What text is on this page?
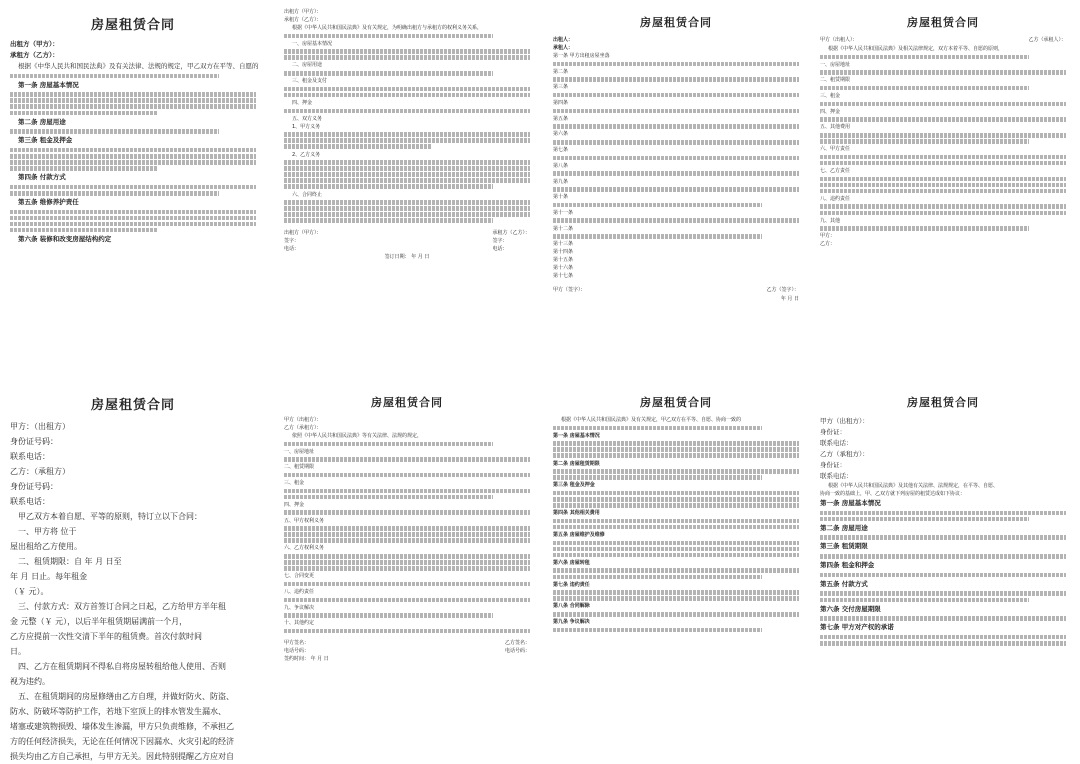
房屋租赁合同
出租方（甲方）：
承租方（乙方）：
根据《中华人民共和国民法典》及有关法律、法规的规定，甲乙双方在平等、自愿的
第一条 房屋基本情况
第二条 房屋用途
第三条 租金及押金
第四条 付款方式
第五条 维修养护责任
第六条 装修和改变房屋结构约定
出租方（甲方）：
承租方（乙方）：
根据《中华人民共和国民法典》及有关规定，为明确出租方与承租方的权利义务关系，
一、房屋基本情况
二、房屋用途
三、租金及支付
四、押金
五、双方义务
1、甲方义务
2、乙方义务
六、合同终止
出租方（甲方）：
签字：
电话：
承租方（乙方）：
签字：
电话：
签订日期： 年 月 日
房屋租赁合同
出租人：
承租人：
第一条 甲方出租房屋坐落
第二条
第三条
第四条
第五条
第六条
第七条
第八条
第九条
第十条
第十一条
第十二条
第十三条
第十四条
第十五条
第十六条
第十七条
甲方（签字）：	乙方（签字）：
年 月 日
房屋租赁合同
甲方（出租人）：	乙方（承租人）：
根据《中华人民共和国民法典》及相关法律规定，双方本着平等、自愿的原则，
一、房屋地址
二、租赁期限
三、租金
四、押金
五、其他费用
六、甲方责任
七、乙方责任
八、违约责任
九、其他
甲方：
乙方：
房屋租赁合同
甲方：（出租方）
身份证号码：
联系电话：
乙方：（承租方）
身份证号码：
联系电话：
甲乙双方本着自愿、平等的原则，特订立以下合同：
一、甲方将 位于
屋出租给乙方使用。
二、租赁期限：自 年 月 日至
年 月 日止。每年租金
（￥ 元）。
三、付款方式：双方首签订合同之日起，乙方给甲方半年租
金 元整（￥ 元），以后半年租赁期届满前一个月，
乙方应提前一次性交清下半年的租赁费。首次付款时间
日。
四、乙方在租赁期间不得私自将房屋转租给他人使用、否则
视为违约。
五、在租赁期间的房屋修缮由乙方自理，并做好防火、防盗、
防水、防破坏等防护工作，若地下室顶上的排水管发生漏水、
堵塞或建筑物损毁、墙体发生渗漏，甲方只负责维修，不承担乙
方的任何经济损失，无论在任何情况下因漏水、火灾引起的经济
损失均由乙方自己承担，与甲方无关。因此特别提醒乙方应对自
房屋租赁合同
甲方（出租方）：
乙方（承租方）：
依照《中华人民共和国民法典》等有关法律、法规的规定，
一、房屋地址
二、租赁期限
三、租金
四、押金
五、甲方权利义务
六、乙方权利义务
七、合同变更
八、违约责任
九、争议解决
十、其他约定
甲方签名：
电话号码：
乙方签名：
电话号码：
签约时间： 年 月 日
房屋租赁合同
根据《中华人民共和国民法典》及有关规定，甲乙双方在平等、自愿、协商一致的
第一条 房屋基本情况
第二条 房屋租赁期限
第三条 租金及押金
第四条 其他相关费用
第五条 房屋维护及维修
第六条 房屋转租
第七条 违约责任
第八条 合同解除
第九条 争议解决
房屋租赁合同
甲方（出租方）：
身份证：
联系电话：
乙方（承租方）：
身份证：
联系电话：
根据《中华人民共和国民法典》及其他有关法律、法规规定，在平等、自愿、
协商一致的基础上，甲、乙双方就下列房屋的租赁达成如下协议：
第一条 房屋基本情况
第二条 房屋用途
第三条 租赁期限
第四条 租金和押金
第五条 付款方式
第六条 交付房屋期限
第七条 甲方对产权的承诺
